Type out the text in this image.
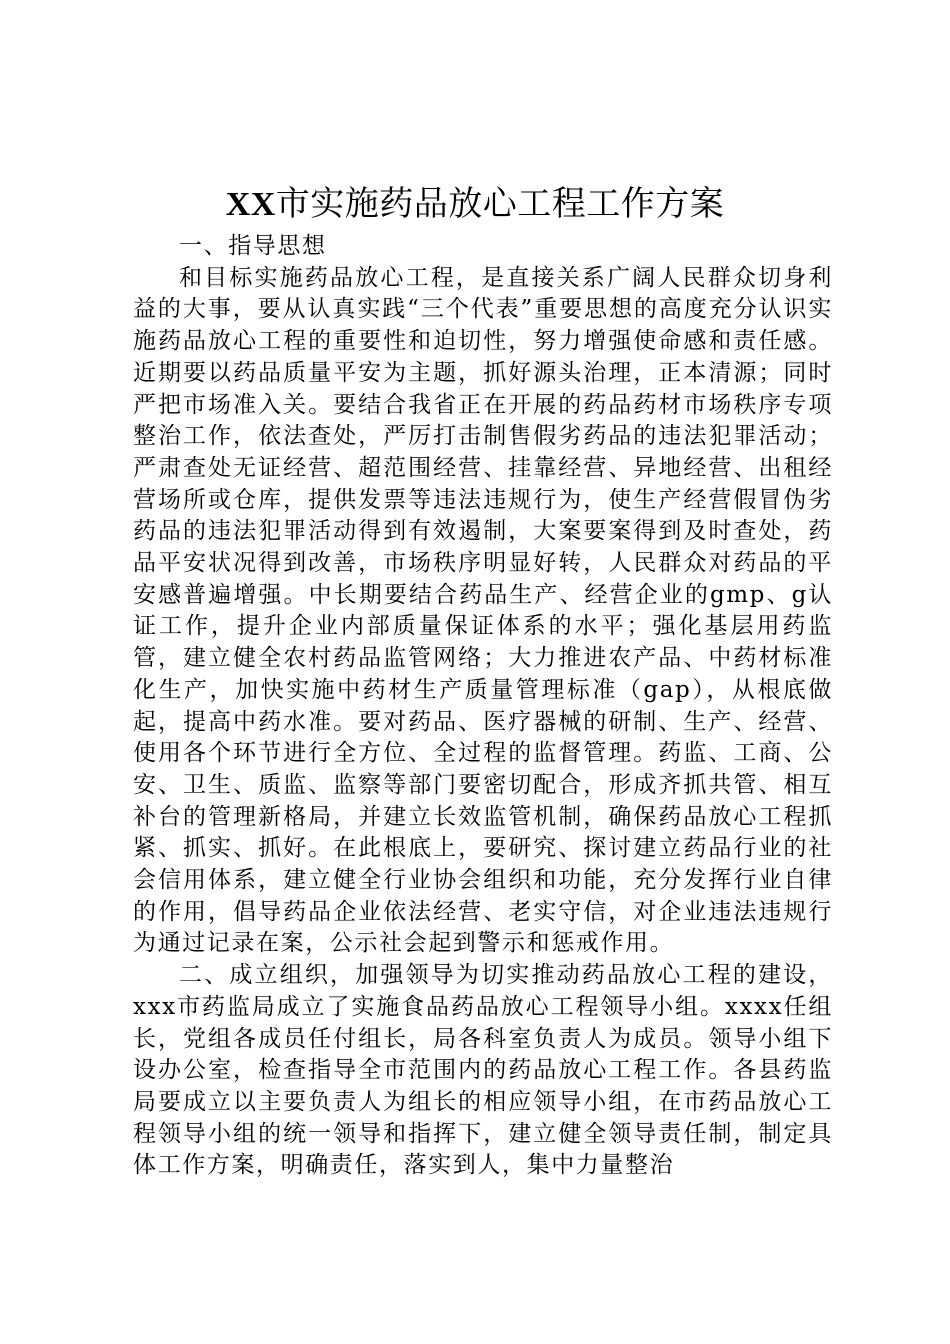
XX市实施药品放心工程工作方案

一、指导思想

和目标实施药品放心工程，是直接关系广阔人民群众切身利益的大事，要从认真实践“三个代表”重要思想的高度充分认识实施药品放心工程的重要性和迫切性，努力增强使命感和责任感。近期要以药品质量平安为主题，抓好源头治理，正本清源；同时严把市场准入关。要结合我省正在开展的药品药材市场秩序专项整治工作，依法查处，严厉打击制售假劣药品的违法犯罪活动；严肃查处无证经营、超范围经营、挂靠经营、异地经营、出租经营场所或仓库，提供发票等违法违规行为，使生产经营假冒伪劣药品的违法犯罪活动得到有效遏制，大案要案得到及时查处，药品平安状况得到改善，市场秩序明显好转，人民群众对药品的平安感普遍增强。中长期要结合药品生产、经营企业的gmp、g认证工作，提升企业内部质量保证体系的水平；强化基层用药监管，建立健全农村药品监管网络；大力推进农产品、中药材标准化生产，加快实施中药材生产质量管理标准（gap），从根底做起，提高中药水准。要对药品、医疗器械的研制、生产、经营、使用各个环节进行全方位、全过程的监督管理。药监、工商、公安、卫生、质监、监察等部门要密切配合，形成齐抓共管、相互补台的管理新格局，并建立长效监管机制，确保药品放心工程抓紧、抓实、抓好。在此根底上，要研究、探讨建立药品行业的社会信用体系，建立健全行业协会组织和功能，充分发挥行业自律的作用，倡导药品企业依法经营、老实守信，对企业违法违规行为通过记录在案，公示社会起到警示和惩戒作用。

二、成立组织，加强领导为切实推动药品放心工程的建设，xxx市药监局成立了实施食品药品放心工程领导小组。xxxx任组长，党组各成员任付组长，局各科室负责人为成员。领导小组下设办公室，检查指导全市范围内的药品放心工程工作。各县药监局要成立以主要负责人为组长的相应领导小组，在市药品放心工程领导小组的统一领导和指挥下，建立健全领导责任制，制定具体工作方案，明确责任，落实到人，集中力量整治
